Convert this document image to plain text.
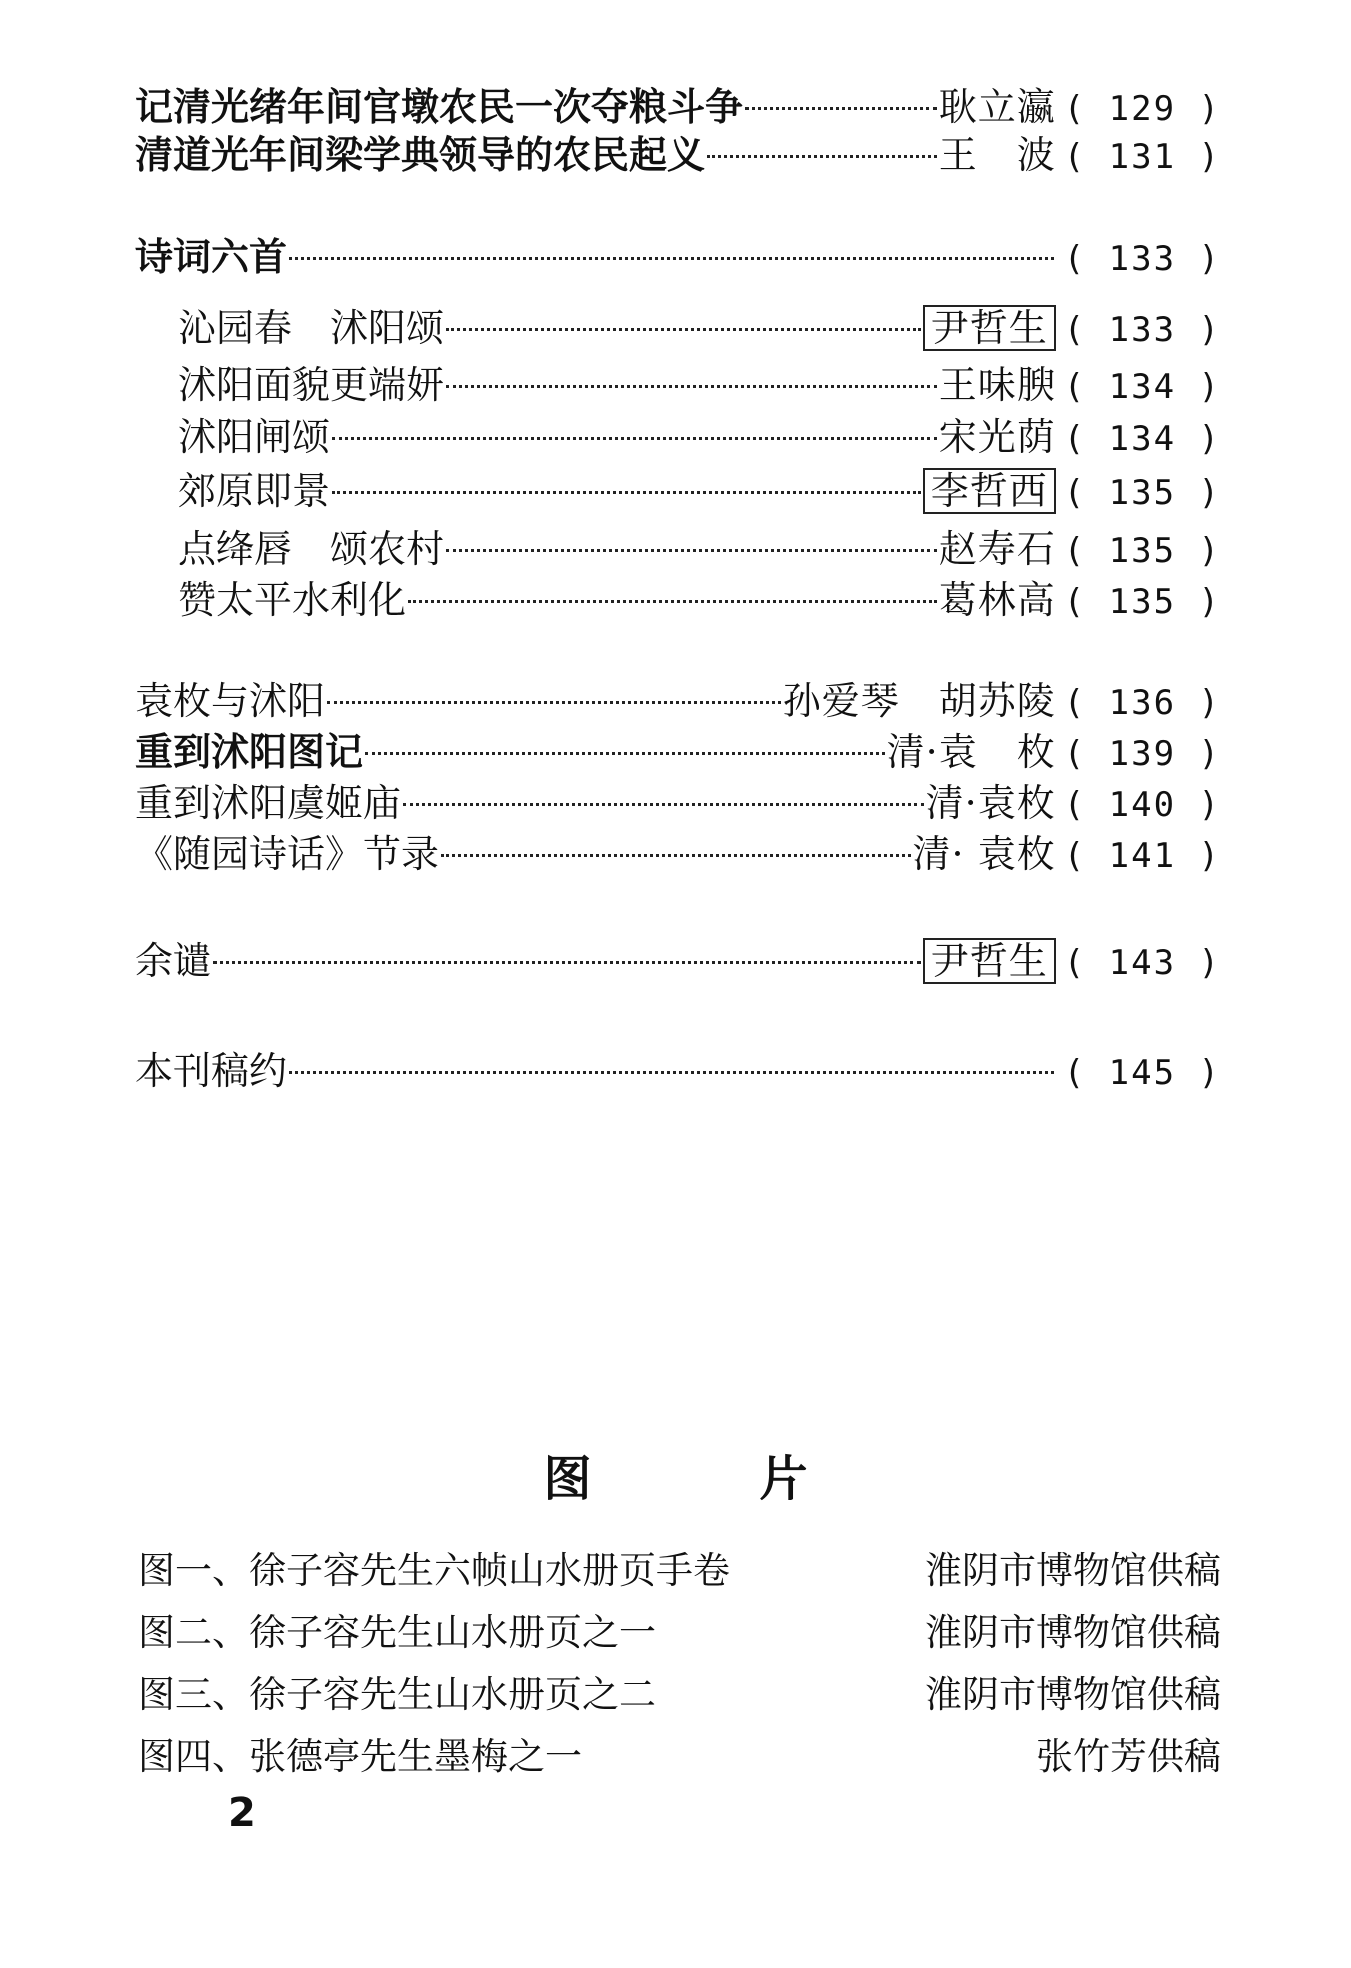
记清光绪年间官墩农民一次夺粮斗争	耿立瀛 ( 129 )
清道光年间梁学典领导的农民起义	王　波 ( 131 )
诗词六首	( 133 )
沁园春　沭阳颂	尹哲生 ( 133 )
沭阳面貌更端妍	王味腴 ( 134 )
沭阳闸颂	宋光荫 ( 134 )
郊原即景	李哲西 ( 135 )
点绛唇　颂农村	赵寿石 ( 135 )
赞太平水利化	葛林高 ( 135 )
袁枚与沭阳	孙爱琴　胡苏陵 ( 136 )
重到沭阳图记	清·袁　枚 ( 139 )
重到沭阳虞姬庙	清·袁枚 ( 140 )
《随园诗话》节录	清· 袁枚 ( 141 )
余谴	尹哲生 ( 143 )
本刊稿约	( 145 )
图　片
图一、徐子容先生六帧山水册页手卷	淮阴市博物馆供稿
图二、徐子容先生山水册页之一	淮阴市博物馆供稿
图三、徐子容先生山水册页之二	淮阴市博物馆供稿
图四、张德亭先生墨梅之一	张竹芳供稿
2
